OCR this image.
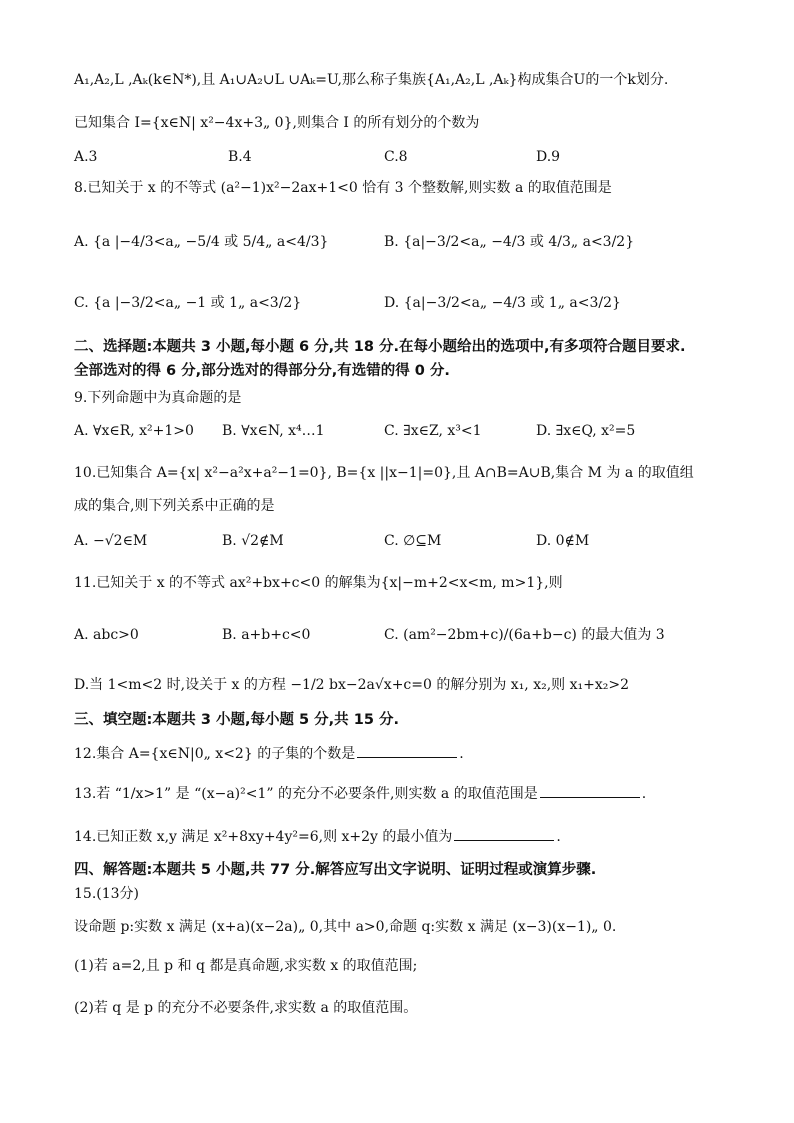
A₁,A₂,L ,Aₖ(k∈N*),且 A₁∪A₂∪L ∪Aₖ=U,那么称子集族{A₁,A₂,L ,Aₖ}构成集合U的一个k划分.
已知集合 I={x∈N| x²−4x+3„ 0},则集合 I 的所有划分的个数为
A.3	B.4	C.8	D.9
8.已知关于 x 的不等式 (a²−1)x²−2ax+1<0 恰有 3 个整数解,则实数 a 的取值范围是
A. {a |−4/3<a„ −5/4 或 5/4„ a<4/3}	B. {a|−3/2<a„ −4/3 或 4/3„ a<3/2}
C. {a |−3/2<a„ −1 或 1„ a<3/2}	D. {a|−3/2<a„ −4/3 或 1„ a<3/2}
二、选择题:本题共 3 小题,每小题 6 分,共 18 分.在每小题给出的选项中,有多项符合题目要求.
全部选对的得 6 分,部分选对的得部分分,有选错的得 0 分.
9.下列命题中为真命题的是
A. ∀x∈R, x²+1>0 B. ∀x∈N, x⁴…1	C. ∃x∈Z, x³<1	D. ∃x∈Q, x²=5
10.已知集合 A={x| x²−a²x+a²−1=0}, B={x ||x−1|=0},且 A∩B=A∪B,集合 M 为 a 的取值组
成的集合,则下列关系中正确的是
A. −√2∈M	B. √2∉M	C. ∅⊆M	D. 0∉M
11.已知关于 x 的不等式 ax²+bx+c<0 的解集为{x|−m+2<x<m, m>1},则
A. abc>0	B. a+b+c<0	C. (am²−2bm+c)/(6a+b−c) 的最大值为 3
D.当 1<m<2 时,设关于 x 的方程 −1/2 bx−2a√x+c=0 的解分别为 x₁, x₂,则 x₁+x₂>2
三、填空题:本题共 3 小题,每小题 5 分,共 15 分.
12.集合 A={x∈N|0„ x<2} 的子集的个数是	.
13.若 “1/x>1” 是 “(x−a)²<1” 的充分不必要条件,则实数 a 的取值范围是	.
14.已知正数 x,y 满足 x²+8xy+4y²=6,则 x+2y 的最小值为	.
四、解答题:本题共 5 小题,共 77 分.解答应写出文字说明、证明过程或演算步骤.
15.(13分)
设命题 p:实数 x 满足 (x+a)(x−2a)„ 0,其中 a>0,命题 q:实数 x 满足 (x−3)(x−1)„ 0.
(1)若 a=2,且 p 和 q 都是真命题,求实数 x 的取值范围;
(2)若 q 是 p 的充分不必要条件,求实数 a 的取值范围。
